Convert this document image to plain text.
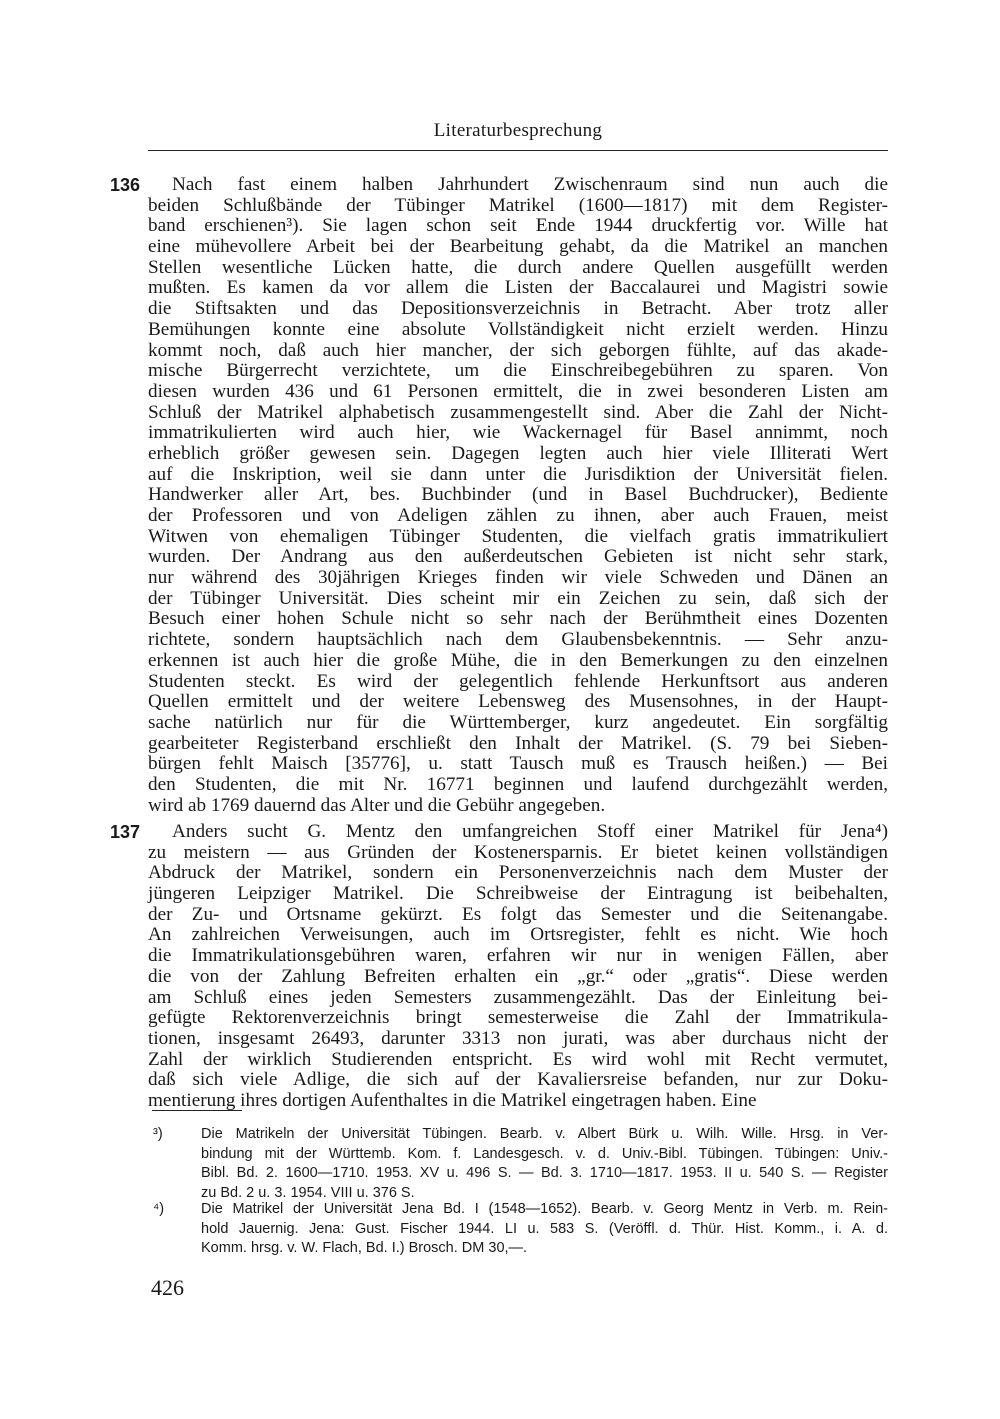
Literaturbesprechung
136	Nach fast einem halben Jahrhundert Zwischenraum sind nun auch die
beiden Schlußbände der Tübinger Matrikel (1600—1817) mit dem Register-
band erschienen³). Sie lagen schon seit Ende 1944 druckfertig vor. Wille hat
eine mühevollere Arbeit bei der Bearbeitung gehabt, da die Matrikel an manchen
Stellen wesentliche Lücken hatte, die durch andere Quellen ausgefüllt werden
mußten. Es kamen da vor allem die Listen der Baccalaurei und Magistri sowie
die Stiftsakten und das Depositionsverzeichnis in Betracht. Aber trotz aller
Bemühungen konnte eine absolute Vollständigkeit nicht erzielt werden. Hinzu
kommt noch, daß auch hier mancher, der sich geborgen fühlte, auf das akade-
mische Bürgerrecht verzichtete, um die Einschreibegebühren zu sparen. Von
diesen wurden 436 und 61 Personen ermittelt, die in zwei besonderen Listen am
Schluß der Matrikel alphabetisch zusammengestellt sind. Aber die Zahl der Nicht-
immatrikulierten wird auch hier, wie Wackernagel für Basel annimmt, noch
erheblich größer gewesen sein. Dagegen legten auch hier viele Illiterati Wert
auf die Inskription, weil sie dann unter die Jurisdiktion der Universität fielen.
Handwerker aller Art, bes. Buchbinder (und in Basel Buchdrucker), Bediente
der Professoren und von Adeligen zählen zu ihnen, aber auch Frauen, meist
Witwen von ehemaligen Tübinger Studenten, die vielfach gratis immatrikuliert
wurden. Der Andrang aus den außerdeutschen Gebieten ist nicht sehr stark,
nur während des 30jährigen Krieges finden wir viele Schweden und Dänen an
der Tübinger Universität. Dies scheint mir ein Zeichen zu sein, daß sich der
Besuch einer hohen Schule nicht so sehr nach der Berühmtheit eines Dozenten
richtete, sondern hauptsächlich nach dem Glaubensbekenntnis. — Sehr anzu-
erkennen ist auch hier die große Mühe, die in den Bemerkungen zu den einzelnen
Studenten steckt. Es wird der gelegentlich fehlende Herkunftsort aus anderen
Quellen ermittelt und der weitere Lebensweg des Musensohnes, in der Haupt-
sache natürlich nur für die Württemberger, kurz angedeutet. Ein sorgfältig
gearbeiteter Registerband erschließt den Inhalt der Matrikel. (S. 79 bei Sieben-
bürgen fehlt Maisch [35776], u. statt Tausch muß es Trausch heißen.) — Bei
den Studenten, die mit Nr. 16771 beginnen und laufend durchgezählt werden,
wird ab 1769 dauernd das Alter und die Gebühr angegeben.
137	Anders sucht G. Mentz den umfangreichen Stoff einer Matrikel für Jena⁴)
zu meistern — aus Gründen der Kostenersparnis. Er bietet keinen vollständigen
Abdruck der Matrikel, sondern ein Personenverzeichnis nach dem Muster der
jüngeren Leipziger Matrikel. Die Schreibweise der Eintragung ist beibehalten,
der Zu- und Ortsname gekürzt. Es folgt das Semester und die Seitenangabe.
An zahlreichen Verweisungen, auch im Ortsregister, fehlt es nicht. Wie hoch
die Immatrikulationsgebühren waren, erfahren wir nur in wenigen Fällen, aber
die von der Zahlung Befreiten erhalten ein „gr.“ oder „gratis“. Diese werden
am Schluß eines jeden Semesters zusammengezählt. Das der Einleitung bei-
gefügte Rektorenverzeichnis bringt semesterweise die Zahl der Immatrikula-
tionen, insgesamt 26493, darunter 3313 non jurati, was aber durchaus nicht der
Zahl der wirklich Studierenden entspricht. Es wird wohl mit Recht vermutet,
daß sich viele Adlige, die sich auf der Kavaliersreise befanden, nur zur Doku-
mentierung ihres dortigen Aufenthaltes in die Matrikel eingetragen haben. Eine
³)	Die Matrikeln der Universität Tübingen. Bearb. v. Albert Bürk u. Wilh. Wille. Hrsg. in Ver-
bindung mit der Württemb. Kom. f. Landesgesch. v. d. Univ.-Bibl. Tübingen. Tübingen: Univ.-
Bibl. Bd. 2. 1600—1710. 1953. XV u. 496 S. — Bd. 3. 1710—1817. 1953. II u. 540 S. — Register
zu Bd. 2 u. 3. 1954. VIII u. 376 S.
⁴)	Die Matrikel der Universität Jena Bd. I (1548—1652). Bearb. v. Georg Mentz in Verb. m. Rein-
hold Jauernig. Jena: Gust. Fischer 1944. LI u. 583 S. (Veröffl. d. Thür. Hist. Komm., i. A. d.
Komm. hrsg. v. W. Flach, Bd. I.) Brosch. DM 30,—.
426
